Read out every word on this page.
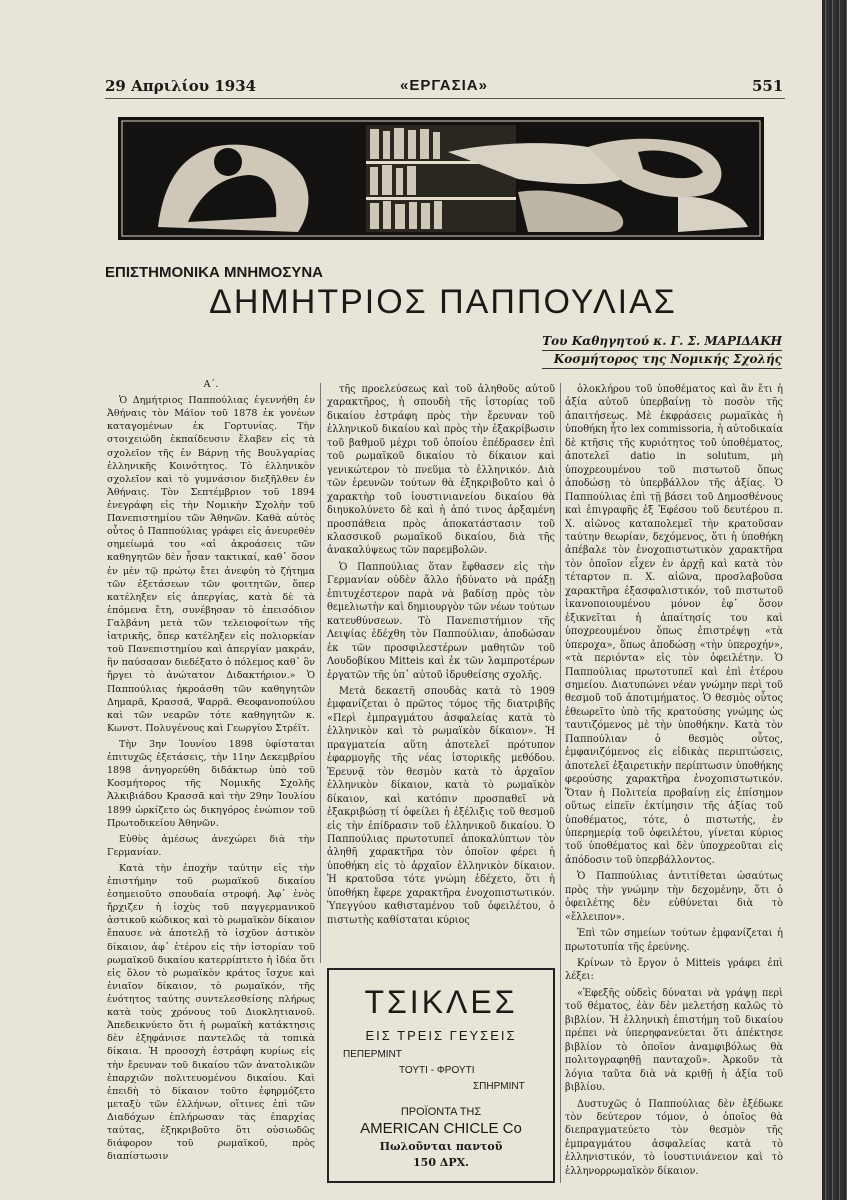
29 Απριλίου 1934	«ΕΡΓΑΣΙΑ»	551
ΕΠΙΣΤΗΜΟΝΙΚΑ ΜΝΗΜΟΣΥΝΑ
ΔΗΜΗΤΡΙΟΣ ΠΑΠΠΟΥΛΙΑΣ
Του Καθηγητού κ. Γ. Σ. ΜΑΡΙΔΑΚΗ
Κοσμήτορος της Νομικής Σχολής

Α΄.

Ὁ Δημήτριος Παππούλιας ἐγεννήθη ἐν Ἀθήναις τὸν Μάϊον τοῦ 1878 ἐκ γονέων καταγομένων ἐκ Γορτυνίας. Τὴν στοιχειώδη ἐκπαίδευσιν ἔλαβεν εἰς τὰ σχολεῖον τῆς ἐν Βάρνῃ τῆς Βουλγαρίας ἑλληνικῆς Κοινότητος. Τὸ ἑλληνικὸν σχολεῖον καὶ τὸ γυμνάσιον διεξῆλθεν ἐν Ἀθήναις. Τὸν Σεπτέμβριον τοῦ 1894 ἐνεγράφη εἰς τὴν Νομικὴν Σχολὴν τοῦ Πανεπιστημίου τῶν Ἀθηνῶν. Καθὰ αὐτὸς οὗτος ὁ Παππούλιας γράφει εἰς ἀνευρεθὲν σημείωμά του «αἱ ἀκροάσεις τῶν καθηγητῶν δὲν ἦσαν τακτικαί, καθ᾿ ὅσον ἐν μὲν τῷ πρώτῳ ἔτει ἀνεφύη τὸ ζήτημα τῶν ἐξετάσεων τῶν φοιτητῶν, ὅπερ κατέληξεν εἰς ἀπεργίας, κατὰ δὲ τὰ ἑπόμενα ἔτη, συνέβησαν τὸ ἐπεισόδιον Γαλβάνη μετὰ τῶν τελειοφοίτων τῆς ἰατρικῆς, ὅπερ κατέληξεν εἰς πολιορκίαν τοῦ Πανεπιστημίου καὶ ἀπεργίαν μακράν, ἣν παύσασαν διεδέξατο ὁ πόλεμος καθ᾿ ὃν ἤργει τὸ ἀνώτατον Διδακτήριον.» Ὁ Παππούλιας ἠκροάσθη τῶν καθηγητῶν Δημαρᾶ, Κρασσᾶ, Ψαρρᾶ. Θεοφανοπούλου καὶ τῶν νεαρῶν τότε καθηγητῶν κ. Κωνστ. Πολυγένους καὶ Γεωργίου Στρέϊτ.

Τὴν 3ην Ἰουνίου 1898 ὑφίσταται ἐπιτυχῶς ἐξετάσεις, τὴν 11ην Δεκεμβρίου 1898 ἀνηγορεύθη διδάκτωρ ὑπὸ τοῦ Κοσμήτορος τῆς Νομικῆς Σχολῆς Ἀλκιβιάδου Κρασσᾶ καὶ τὴν 29ην Ἰουλίου 1899 ὡρκίζετο ὡς δικηγόρος ἐνώπιον τοῦ Πρωτοδικείου Ἀθηνῶν.

Εὐθὺς ἀμέσως ἀνεχώρει διὰ τὴν Γερμανίαν.

Κατὰ τὴν ἐποχὴν ταύτην εἰς τὴν ἐπιστήμην τοῦ ρωμαϊκοῦ δικαίου ἐσημειοῦτο σπουδαία στροφή. Ἀφ᾿ ἑνὸς ἤρχιζεν ἡ ἰσχὺς τοῦ παγγερμανικοῦ ἀστικοῦ κώδικος καὶ τὸ ρωμαϊκὸν δίκαιον ἔπαυσε νὰ ἀποτελῇ τὸ ἰσχῦον ἀστικὸν δίκαιον, ἀφ᾿ ἑτέρου εἰς τὴν ἱστορίαν τοῦ ρωμαϊκοῦ δικαίου κατερρίπτετο ἡ ἰδέα ὅτι εἰς ὅλον τὸ ρωμαϊκὸν κράτος ἴσχυε καὶ ἑνιαῖον δίκαιον, τὸ ρωμαϊκόν, τῆς ἑνότητος ταύτης συντελεσθείσης πλήρως κατὰ τοὺς χρόνους τοῦ Διοκλητιανοῦ. Ἀπεδεικνύετο ὅτι ἡ ρωμαϊκὴ κατάκτησις δὲν ἐξηφάνισε παντελῶς τὰ τοπικὰ δίκαια. Ἡ προσοχὴ ἐστράφη κυρίως εἰς τὴν ἔρευναν τοῦ δικαίου τῶν ἀνατολικῶν ἐπαρχιῶν πολιτευομένου δικαίου. Καὶ ἐπειδὴ τὸ δίκαιον τοῦτο ἐφηρμόζετο μεταξὺ τῶν ἑλλήνων, οἵτινες ἐπὶ τῶν Διαδόχων ἐπλήρωσαν τὰς ἐπαρχίας ταύτας, ἐξηκριβοῦτο ὅτι οὐσιωδῶς διάφορον τοῦ ρωμαϊκοῦ, πρὸς διαπίστωσιν

τῆς προελεύσεως καὶ τοῦ ἀληθοῦς αὐτοῦ χαρακτῆρος, ἡ σπουδὴ τῆς ἱστορίας τοῦ δικαίου ἐστράφη πρὸς τὴν ἔρευναν τοῦ ἑλληνικοῦ δικαίου καὶ πρὸς τὴν ἐξακρίβωσιν τοῦ βαθμοῦ μέχρι τοῦ ὁποίου ἐπέδρασεν ἐπὶ τοῦ ρωμαϊκοῦ δικαίου τὸ δίκαιον καὶ γενικώτερον τὸ πνεῦμα τὸ ἑλληνικόν. Διὰ τῶν ἐρευνῶν τούτων θὰ ἐξηκριβοῦτο καὶ ὁ χαρακτὴρ τοῦ ἰουστινιανείου δικαίου θὰ διηυκολύνετο δὲ καὶ ἡ ἀπό τινος ἀρξαμένη προσπάθεια πρὸς ἀποκατάστασιν τοῦ κλασσικοῦ ρωμαϊκοῦ δικαίου, διὰ τῆς ἀνακαλύψεως τῶν παρεμβολῶν.

Ὁ Παππούλιας ὅταν ἔφθασεν εἰς τὴν Γερμανίαν οὐδὲν ἄλλο ἠδύνατο νὰ πράξῃ ἐπιτυχέστερον παρὰ νὰ βαδίσῃ πρὸς τὸν θεμελιωτὴν καὶ δημιουργὸν τῶν νέων τούτων κατευθύνσεων. Τὸ Πανεπιστήμιον τῆς Λειψίας ἐδέχθη τὸν Παππούλιαν, ἀποδώσαν ἐκ τῶν προσφιλεστέρων μαθητῶν τοῦ Λουδοβίκου Mitteis καὶ ἐκ τῶν λαμπροτέρων ἐργατῶν τῆς ὑπ᾿ αὐτοῦ ἱδρυθείσης σχολῆς.

Μετὰ δεκαετῆ σπουδὰς κατὰ τὸ 1909 ἐμφανίζεται ὁ πρῶτος τόμος τῆς διατριβῆς «Περὶ ἐμπραγμάτου ἀσφαλείας κατὰ τὸ ἑλληνικὸν καὶ τὸ ρωμαϊκὸν δίκαιον». Ἡ πραγματεία αὕτη ἀποτελεῖ πρότυπον ἐφαρμογῆς τῆς νέας ἱστορικῆς μεθόδου. Ἐρευνᾷ τὸν θεσμὸν κατὰ τὸ ἀρχαῖον ἑλληνικὸν δίκαιον, κατὰ τὸ ρωμαϊκὸν δίκαιον, καὶ κατόπιν προσπαθεῖ νὰ ἐξακριβώσῃ τί ὀφείλει ἡ ἐξέλιξις τοῦ θεσμοῦ εἰς τὴν ἐπίδρασιν τοῦ ἑλληνικοῦ δικαίου. Ὁ Παππούλιας πρωτοτυπεῖ ἀποκαλύπτων τὸν ἀληθῆ χαρακτῆρα τὸν ὁποῖον φέρει ἡ ὑποθήκη εἰς τὸ ἀρχαῖον ἑλληνικὸν δίκαιον. Ἡ κρατοῦσα τότε γνώμη ἐδέχετο, ὅτι ἡ ὑποθήκη ἔφερε χαρακτῆρα ἐνοχοπιστωτικόν. Ὑπεγγύου καθισταμένου τοῦ ὀφειλέτου, ὁ πιστωτὴς καθίσταται κύριος

ὁλοκλήρου τοῦ ὑποθέματος καὶ ἂν ἔτι ἡ ἀξία αὐτοῦ ὑπερβαίνῃ τὸ ποσὸν τῆς ἀπαιτήσεως. Μὲ ἐκφράσεις ρωμαϊκὰς ἡ ὑποθήκη ἦτο lex commissoria, ἡ αὐτοδικαία δὲ κτῆσις τῆς κυριότητος τοῦ ὑποθέματος, ἀποτελεῖ datio in solutum, μὴ ὑποχρεουμένου τοῦ πιστωτοῦ ὅπως ἀποδώσῃ τὸ ὑπερβάλλον τῆς ἀξίας. Ὁ Παππούλιας ἐπὶ τῇ βάσει τοῦ Δημοσθένους καὶ ἐπιγραφῆς ἐξ Ἐφέσου τοῦ δευτέρου π. Χ. αἰῶνος καταπολεμεῖ τὴν κρατοῦσαν ταύτην θεωρίαν, δεχόμενος, ὅτι ἡ ὑποθήκη ἀπέβαλε τὸν ἐνοχοπιστωτικὸν χαρακτῆρα τὸν ὁποῖον εἶχεν ἐν ἀρχῇ καὶ κατὰ τὸν τέταρτον π. Χ. αἰῶνα, προσλαβοῦσα χαρακτῆρα ἐξασφαλιστικόν, τοῦ πιστωτοῦ ἱκανοποιουμένου μόνον ἐφ᾿ ὅσον ἐξικνεῖται ἡ ἀπαίτησίς του καὶ ὑποχρεουμένου ὅπως ἐπιστρέψῃ «τὰ ὑπεροχα», ὅπως ἀποδώσῃ «τὴν ὑπεροχήν», «τὰ περιόντα» εἰς τὸν ὀφειλέτην. Ὁ Παππούλιας πρωτοτυπεῖ καὶ ἐπὶ ἑτέρου σημείου. Διατυπώνει νέαν γνώμην περὶ τοῦ θεσμοῦ τοῦ ἀποτιμήματος. Ὁ θεσμὸς οὗτος ἐθεωρεῖτο ὑπὸ τῆς κρατούσης γνώμης ὡς ταυτιζόμενος μὲ τὴν ὑποθήκην. Κατὰ τὸν Παππούλιαν ὁ θεσμὸς οὗτος, ἐμφανιζόμενος εἰς εἰδικὰς περιπτώσεις, ἀποτελεῖ ἐξαιρετικὴν περίπτωσιν ὑποθήκης φερούσης χαρακτῆρα ἐνοχοπιστωτικόν. Ὅταν ἡ Πολιτεία προβαίνῃ εἰς ἐπίσημον οὕτως εἰπεῖν ἐκτίμησιν τῆς ἀξίας τοῦ ὑποθέματος, τότε, ὁ πιστωτής, ἐν ὑπερημερίᾳ τοῦ ὀφειλέτου, γίνεται κύριος τοῦ ὑποθέματος καὶ δὲν ὑποχρεοῦται εἰς ἀπόδοσιν τοῦ ὑπερβάλλοντος.

Ὁ Παππούλιας ἀντιτίθεται ὡσαύτως πρὸς τὴν γνώμην τὴν δεχομένην, ὅτι ὁ ὀφειλέτης δὲν εὐθύνεται διὰ τὸ «ἔλλειπον».

Ἐπὶ τῶν σημείων τούτων ἐμφανίζεται ἡ πρωτοτυπία τῆς ἐρεύνης.

Κρίνων τὸ ἔργον ὁ Mitteis γράφει ἐπὶ λέξει:

«Ἐφεξῆς οὐδεὶς δύναται νὰ γράψῃ περὶ τοῦ θέματος, ἐὰν δὲν μελετήσῃ καλῶς τὸ βιβλίον. Ἡ ἑλληνικὴ ἐπιστήμη τοῦ δικαίου πρέπει νὰ ὑπερηφανεύεται ὅτι ἀπέκτησε βιβλίον τὸ ὁποῖον ἀναμφιβόλως θὰ πολιτογραφηθῇ πανταχοῦ». Ἀρκοῦν τὰ λόγια ταῦτα διὰ νὰ κριθῇ ἡ ἀξία τοῦ βιβλίου.

Δυστυχῶς ὁ Παππούλιας δὲν ἐξέδωκε τὸν δεύτερον τόμον, ὁ ὁποῖος θὰ διεπραγματεύετο τὸν θεσμὸν τῆς ἐμπραγμάτου ἀσφαλείας κατὰ τὸ ἑλληνιστικόν, τὸ ἰουστινιάνειον καὶ τὸ ἑλληνορρωμαϊκὸν δίκαιον.

ΤΣΙΚΛΕΣ
ΕΙΣ ΤΡΕΙΣ ΓΕΥΣΕΙΣ
ΠΕΠΕΡΜΙΝΤ
ΤΟΥΤΙ - ΦΡΟΥΤΙ
ΣΠΗΡΜΙΝΤ
ΠΡΟΪΟΝΤΑ ΤΗΣ
AMERICAN CHICLE Co
Πωλοῦνται παντοῦ
150 ΔΡΧ.
